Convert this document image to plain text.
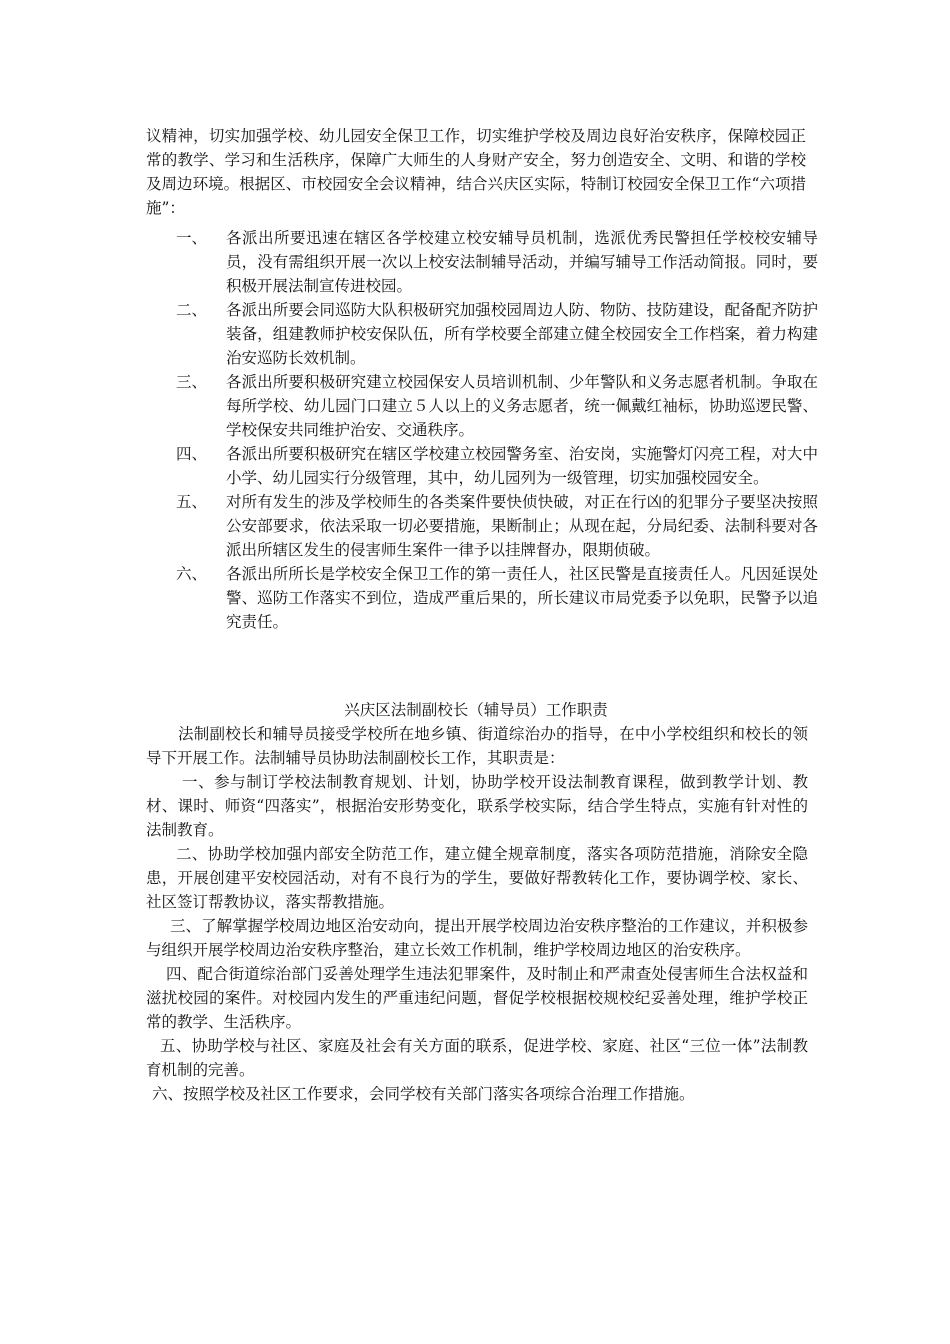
议精神，切实加强学校、幼儿园安全保卫工作，切实维护学校及周边良好治安秩序，保障校园正常的教学、学习和生活秩序，保障广大师生的人身财产安全，努力创造安全、文明、和谐的学校及周边环境。根据区、市校园安全会议精神，结合兴庆区实际，特制订校园安全保卫工作“六项措施”：

一、	各派出所要迅速在辖区各学校建立校安辅导员机制，选派优秀民警担任学校校安辅导员，没有需组织开展一次以上校安法制辅导活动，并编写辅导工作活动简报。同时，要积极开展法制宣传进校园。
二、	各派出所要会同巡防大队积极研究加强校园周边人防、物防、技防建设，配备配齐防护装备，组建教师护校安保队伍，所有学校要全部建立健全校园安全工作档案，着力构建治安巡防长效机制。
三、	各派出所要积极研究建立校园保安人员培训机制、少年警队和义务志愿者机制。争取在每所学校、幼儿园门口建立５人以上的义务志愿者，统一佩戴红袖标，协助巡逻民警、学校保安共同维护治安、交通秩序。
四、	各派出所要积极研究在辖区学校建立校园警务室、治安岗，实施警灯闪亮工程，对大中小学、幼儿园实行分级管理，其中，幼儿园列为一级管理，切实加强校园安全。
五、	对所有发生的涉及学校师生的各类案件要快侦快破，对正在行凶的犯罪分子要坚决按照公安部要求，依法采取一切必要措施，果断制止；从现在起，分局纪委、法制科要对各派出所辖区发生的侵害师生案件一律予以挂牌督办，限期侦破。
六、	各派出所所长是学校安全保卫工作的第一责任人，社区民警是直接责任人。凡因延误处警、巡防工作落实不到位，造成严重后果的，所长建议市局党委予以免职，民警予以追究责任。
兴庆区法制副校长（辅导员）工作职责

法制副校长和辅导员接受学校所在地乡镇、街道综治办的指导，在中小学校组织和校长的领导下开展工作。法制辅导员协助法制副校长工作，其职责是：

一、参与制订学校法制教育规划、计划，协助学校开设法制教育课程，做到教学计划、教材、课时、师资“四落实”，根据治安形势变化，联系学校实际，结合学生特点，实施有针对性的法制教育。

二、协助学校加强内部安全防范工作，建立健全规章制度，落实各项防范措施，消除安全隐患，开展创建平安校园活动，对有不良行为的学生，要做好帮教转化工作，要协调学校、家长、社区签订帮教协议，落实帮教措施。

三、了解掌握学校周边地区治安动向，提出开展学校周边治安秩序整治的工作建议，并积极参与组织开展学校周边治安秩序整治，建立长效工作机制，维护学校周边地区的治安秩序。

四、配合街道综治部门妥善处理学生违法犯罪案件，及时制止和严肃查处侵害师生合法权益和滋扰校园的案件。对校园内发生的严重违纪问题，督促学校根据校规校纪妥善处理，维护学校正常的教学、生活秩序。

五、协助学校与社区、家庭及社会有关方面的联系，促进学校、家庭、社区“三位一体”法制教育机制的完善。

六、按照学校及社区工作要求，会同学校有关部门落实各项综合治理工作措施。
